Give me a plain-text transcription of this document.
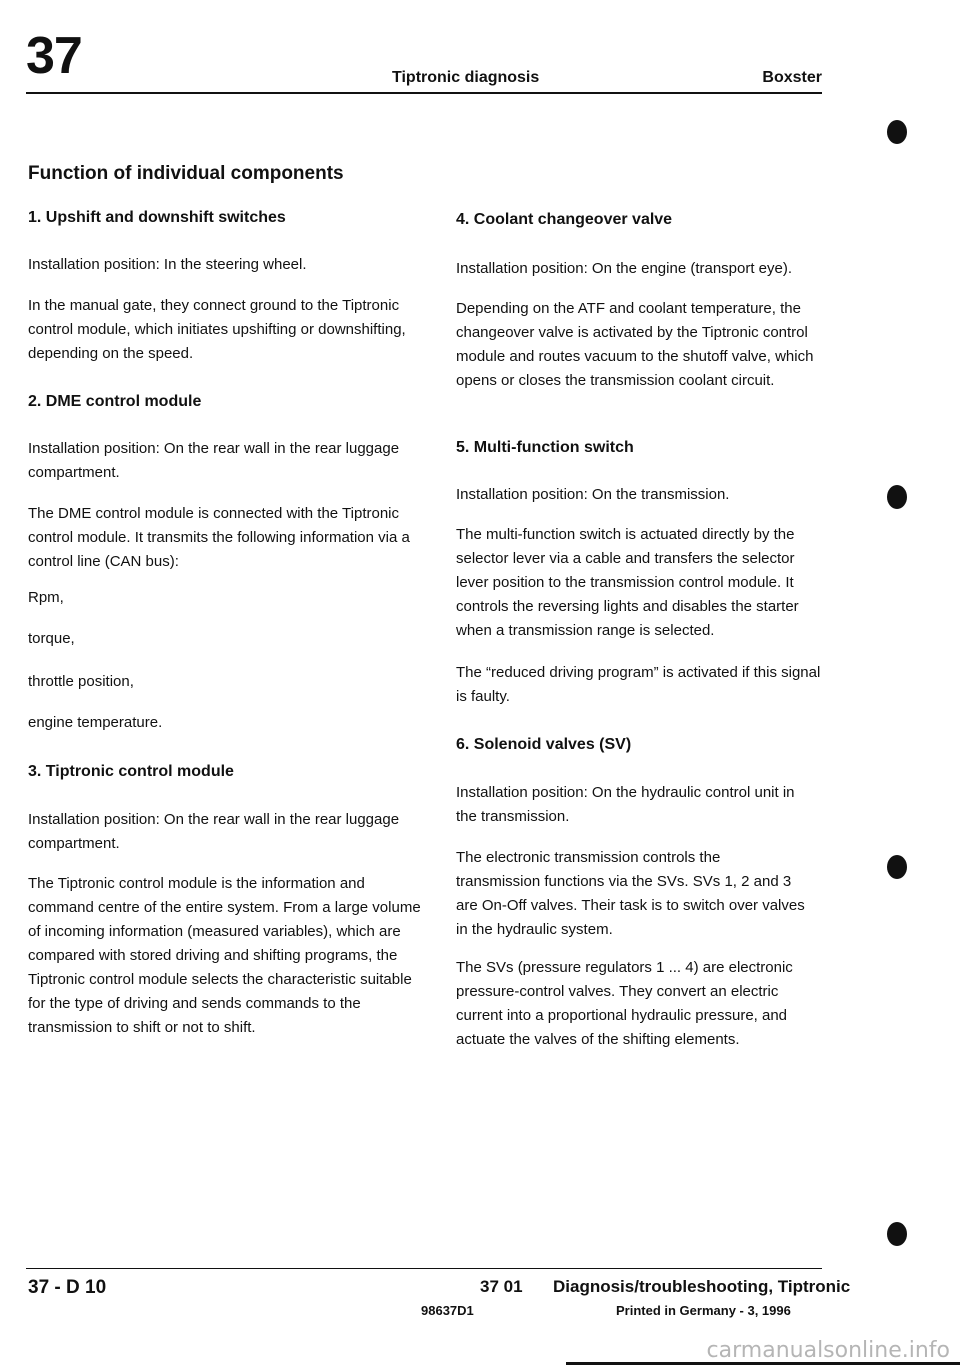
37	Tiptronic diagnosis	Boxster
Function of individual components
1. Upshift and downshift switches
Installation position: In the steering wheel.
In the manual gate, they connect ground to the Tiptronic control module, which initiates upshifting or downshifting, depending on the speed.
2. DME control module
Installation position: On the rear wall in the rear luggage compartment.
The DME control module is connected with the Tiptronic control module. It transmits the following information via a control line (CAN bus):
Rpm,
torque,
throttle position,
engine temperature.
3. Tiptronic control module
Installation position: On the rear wall in the rear luggage compartment.
The Tiptronic control module is the information and command centre of the entire system. From a large volume of incoming information (measured variables), which are compared with stored driving and shifting programs, the Tiptronic control module selects the characteristic suitable for the type of driving and sends commands to the transmission to shift or not to shift.
4. Coolant changeover valve
Installation position: On the engine (transport eye).
Depending on the ATF and coolant temperature, the changeover valve is activated by the Tiptronic control module and routes vacuum to the shutoff valve, which opens or closes the transmission coolant circuit.
5. Multi-function switch
Installation position: On the transmission.
The multi-function switch is actuated directly by the selector lever via a cable and transfers the selector lever position to the transmission control module. It controls the reversing lights and disables the starter when a transmission range is selected.
The “reduced driving program” is activated if this signal is faulty.
6. Solenoid valves (SV)
Installation position: On the hydraulic control unit in the transmission.
The electronic transmission controls the transmission functions via the SVs. SVs 1, 2 and 3 are On-Off valves. Their task is to switch over valves in the hydraulic system.
The SVs (pressure regulators 1 ... 4) are electronic pressure-control valves. They convert an electric current into a proportional hydraulic pressure, and actuate the valves of the shifting elements.
37 - D 10	37 01 Diagnosis/troubleshooting, Tiptronic
98637D1	Printed in Germany - 3, 1996
carmanualsonline.info
